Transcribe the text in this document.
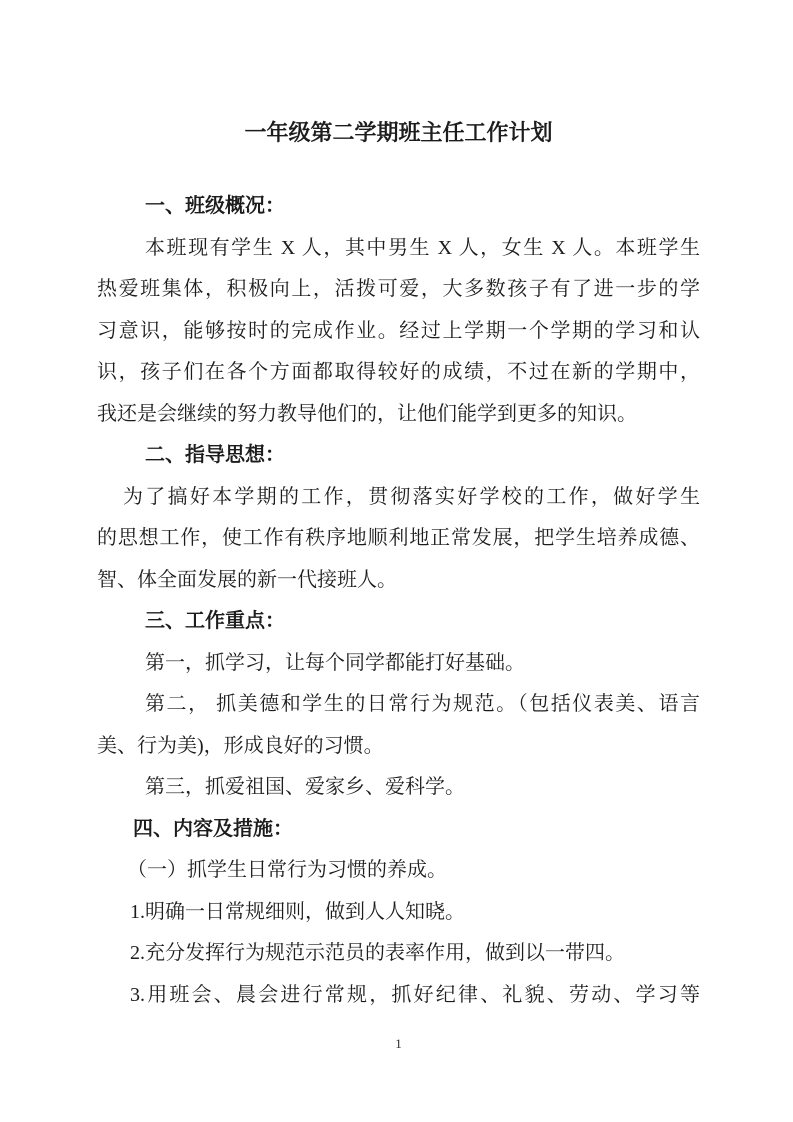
一年级第二学期班主任工作计划
一、班级概况：
本班现有学生 X 人，其中男生 X 人，女生 X 人。本班学生
热爱班集体，积极向上，活拨可爱，大多数孩子有了进一步的学
习意识，能够按时的完成作业。经过上学期一个学期的学习和认
识，孩子们在各个方面都取得较好的成绩，不过在新的学期中，
我还是会继续的努力教导他们的，让他们能学到更多的知识。
二、指导思想：
为了搞好本学期的工作，贯彻落实好学校的工作，做好学生
的思想工作，使工作有秩序地顺利地正常发展，把学生培养成德、
智、体全面发展的新一代接班人。
三、工作重点：
第一，抓学习，让每个同学都能打好基础。
第二， 抓美德和学生的日常行为规范。（包括仪表美、语言
美、行为美)，形成良好的习惯。
第三，抓爱祖国、爱家乡、爱科学。
四、内容及措施：
（一）抓学生日常行为习惯的养成。
1.明确一日常规细则，做到人人知晓。
2.充分发挥行为规范示范员的表率作用，做到以一带四。
3.用班会、晨会进行常规，抓好纪律、礼貌、劳动、学习等
1
